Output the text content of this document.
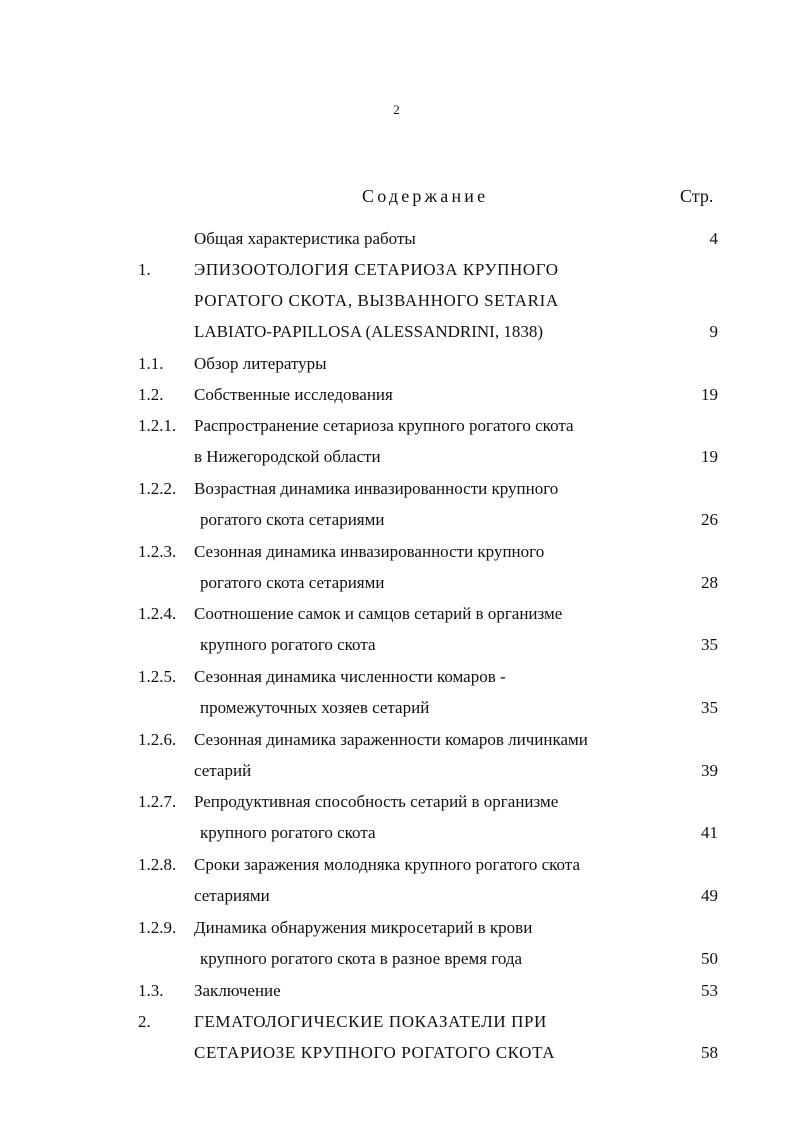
2
Содержание	Стр.
Общая характеристика работы	4
1.	ЭПИЗООТОЛОГИЯ СЕТАРИОЗА КРУПНОГО
РОГАТОГО СКОТА, ВЫЗВАННОГО SETARIA
LABIATO-PAPILLOSA (ALESSANDRINI, 1838)	9
1.1. Обзор литературы
1.2. Собственные исследования	19
1.2.1. Распространение сетариоза крупного рогатого скота
в Нижегородской области	19
1.2.2. Возрастная динамика инвазированности крупного
рогатого скота сетариями	26
1.2.3. Сезонная динамика инвазированности крупного
рогатого скота сетариями	28
1.2.4. Соотношение самок и самцов сетарий в организме
крупного рогатого скота	35
1.2.5. Сезонная динамика численности комаров -
промежуточных хозяев сетарий	35
1.2.6. Сезонная динамика зараженности комаров личинками
сетарий	39
1.2.7. Репродуктивная способность сетарий в организме
крупного рогатого скота	41
1.2.8. Сроки заражения молодняка крупного рогатого скота
сетариями	49
1.2.9. Динамика обнаружения микросетарий в крови
крупного рогатого скота в разное время года	50
1.3. Заключение	53
2.	ГЕМАТОЛОГИЧЕСКИЕ ПОКАЗАТЕЛИ ПРИ
СЕТАРИОЗЕ КРУПНОГО РОГАТОГО СКОТА	58
